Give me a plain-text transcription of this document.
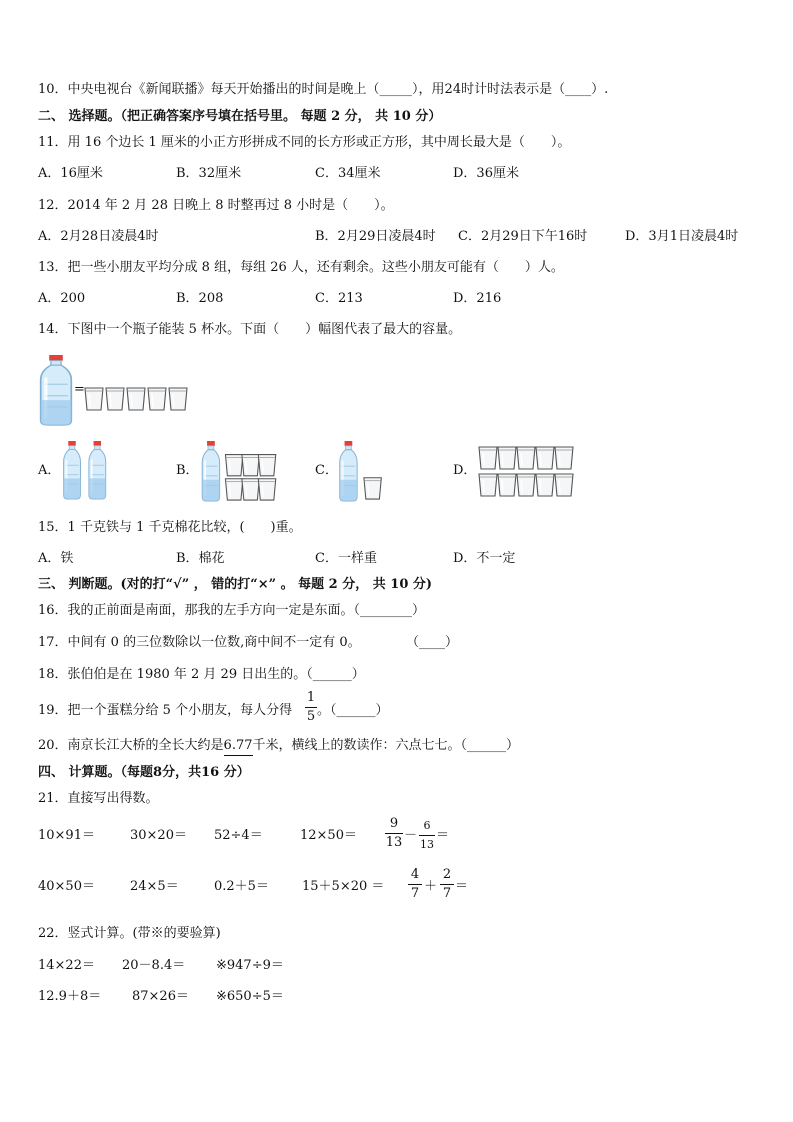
10．中央电视台《新闻联播》每天开始播出的时间是晚上（_____），用24时计时法表示是（____）.
二、 选择题。（把正确答案序号填在括号里。 每题 2 分， 共 10 分）
11．用 16 个边长 1 厘米的小正方形拼成不同的长方形或正方形，其中周长最大是（　　）。
A．16厘米	B．32厘米	C．34厘米	D．36厘米
12．2014 年 2 月 28 日晚上 8 时整再过 8 小时是（　　）。
A．2月28日凌晨4时	B．2月29日凌晨4时 C．2月29日下午16时	D．3月1日凌晨4时
13．把一些小朋友平均分成 8 组，每组 26 人，还有剩余。这些小朋友可能有（　　）人。
A．200	B．208	C．213	D．216
14．下图中一个瓶子能装 5 杯水。下面（　　）幅图代表了最大的容量。
=
A．	B．	C．	D．
15．1 千克铁与 1 千克棉花比较，(　　)重。
A．铁	B．棉花	C．一样重	D．不一定
三、 判断题。(对的打“√” ， 错的打“×” 。 每题 2 分， 共 10 分)
16．我的正前面是南面，那我的左手方向一定是东面。（________）
17．中间有 0 的三位数除以一位数,商中间不一定有 0。	（____）
18．张伯伯是在 1980 年 2 月 29 日出生的。（______）
19．把一个蛋糕分给 5 个小朋友，每人分得
1
5 。（______）
20．南京长江大桥的全长大约是6.77千米，横线上的数读作：六点七七。（______）
四、 计算题。（每题8分，共16 分）
21．直接写出得数。
10×91＝	30×20＝ 52÷4＝	12×50＝
9
13 －
6
13
＝
40×50＝	24×5＝	0.2＋5＝	15＋5×20 ＝
4
7 ＋
2
7 ＝
22．竖式计算。(带※的要验算)
14×22＝ 20－8.4＝ ※947÷9＝
12.9＋8＝ 87×26＝ ※650÷5＝
